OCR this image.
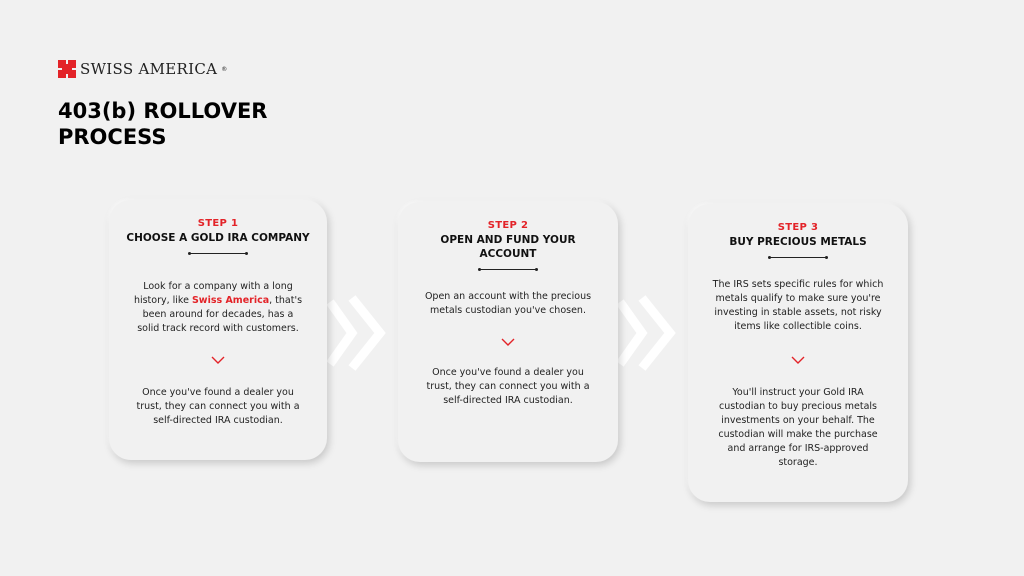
SWISS AMERICA ®
403(b) ROLLOVER PROCESS
STEP 1
CHOOSE A GOLD IRA COMPANY

Look for a company with a long history, like Swiss America, that's been around for decades, has a solid track record with customers.

Once you've found a dealer you trust, they can connect you with a self-directed IRA custodian.

STEP 2
OPEN AND FUND YOUR ACCOUNT

Open an account with the precious metals custodian you've chosen.

Once you've found a dealer you trust, they can connect you with a self-directed IRA custodian.

STEP 3
BUY PRECIOUS METALS

The IRS sets specific rules for which metals qualify to make sure you're investing in stable assets, not risky items like collectible coins.

You'll instruct your Gold IRA custodian to buy precious metals investments on your behalf. The custodian will make the purchase and arrange for IRS-approved storage.
